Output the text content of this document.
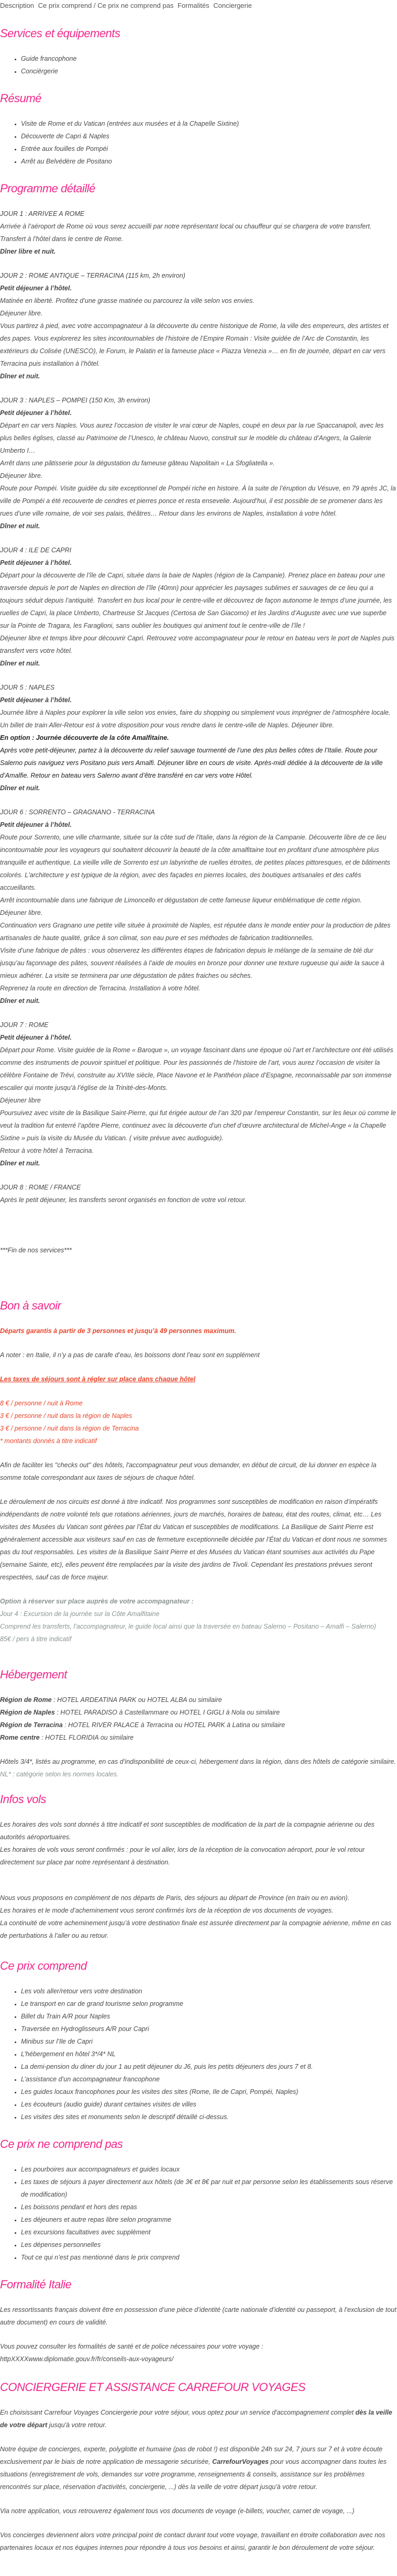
Description Ce prix comprend / Ce prix ne comprend pas Formalités Conciergerie
Services et équipements
• Guide francophone
• Conciërgerie
Résumé
• Visite de Rome et du Vatican (entrées aux musées et à la Chapelle Sixtine)
• Découverte de Capri & Naples
• Entrée aux fouilles de Pompéi
• Arrêt au Belvédère de Positano
Programme détaillé

JOUR 1 : ARRIVEE A ROME

Arrivée à l’aéroport de Rome où vous serez accueilli par notre représentant local ou chauffeur qui se chargera de votre transfert. Transfert à l’hôtel dans le centre de Rome.

Dîner libre et nuit.

JOUR 2 : ROME ANTIQUE – TERRACINA (115 km, 2h environ)

Petit déjeuner à l’hôtel.

Matinée en liberté. Profitez d’une grasse matinée ou parcourez la ville selon vos envies.

Déjeuner libre.

Vous partirez à pied, avec votre accompagnateur à la découverte du centre historique de Rome, la ville des empereurs, des artistes et des papes. Vous explorerez les sites incontournables de l’histoire de l’Empire Romain : Visite guidée de l’Arc de Constantin, les extérieurs du Colisée (UNESCO), le Forum, le Palatin et la fameuse place « Piazza Venezia »… en fin de journée, départ en car vers Terracina puis installation à l’hôtel.

Dîner et nuit.

JOUR 3 : NAPLES – POMPEI (150 Km, 3h environ)

Petit déjeuner à l’hôtel.

Départ en car vers Naples. Vous aurez l’occasion de visiter le vrai cœur de Naples, coupé en deux par la rue Spaccanapoli, avec les plus belles églises, classé au Patrimoine de l’Unesco, le château Nuovo, construit sur le modèle du château d’Angers, la Galerie Umberto I…

Arrêt dans une pâtisserie pour la dégustation du fameuse gâteau Napolitain « La Sfogliatella ».

Déjeuner libre.

Route pour Pompéi. Visite guidée du site exceptionnel de Pompéi riche en histoire. À la suite de l’éruption du Vésuve, en 79 après JC, la ville de Pompéi a été recouverte de cendres et pierres ponce et resta ensevelie. Aujourd’hui, il est possible de se promener dans les rues d’une ville romaine, de voir ses palais, théâtres… Retour dans les environs de Naples, installation à votre hôtel.

Dîner et nuit.

JOUR 4 : ILE DE CAPRI

Petit déjeuner à l’hôtel.

Départ pour la découverte de l’île de Capri, située dans la baie de Naples (région de la Campanie). Prenez place en bateau pour une traversée depuis le port de Naples en direction de l’île (40mn) pour apprécier les paysages sublimes et sauvages de ce lieu qui a toujours séduit depuis l’antiquité. Transfert en bus local pour le centre-ville et découvrez de façon autonome le temps d’une journée, les ruelles de Capri, la place Umberto, Chartreuse St Jacques (Certosa de San Giacomo) et les Jardins d’Auguste avec une vue superbe sur la Pointe de Tragara, les Faraglioni, sans oublier les boutiques qui animent tout le centre-ville de l’île !

Déjeuner libre et temps libre pour découvrir Capri. Retrouvez votre accompagnateur pour le retour en bateau vers le port de Naples puis transfert vers votre hôtel.

Dîner et nuit.

JOUR 5 : NAPLES

Petit déjeuner à l’hôtel.

Journée libre à Naples pour explorer la ville selon vos envies, faire du shopping ou simplement vous imprégner de l’atmosphère locale. Un billet de train Aller-Retour est à votre disposition pour vous rendre dans le centre-ville de Naples. Déjeuner libre.

En option : Journée découverte de la côte Amalfitaine.

Après votre petit-déjeuner, partez à la découverte du relief sauvage tourmenté de l’une des plus belles côtes de l’Italie. Route pour Salerno puis naviguez vers Positano puis vers Amalfi. Déjeuner libre en cours de visite. Après-midi dédiée à la découverte de la ville d’Amalfie. Retour en bateau vers Salerno avant d’être transféré en car vers votre Hôtel.

Dîner et nuit.

JOUR 6 : SORRENTO – GRAGNANO - TERRACINA

Petit déjeuner à l’hôtel.

Route pour Sorrento, une ville charmante, située sur la côte sud de l'Italie, dans la région de la Campanie. Découverte libre de ce lieu incontournable pour les voyageurs qui souhaitent découvrir la beauté de la côte amalfitaine tout en profitant d'une atmosphère plus tranquille et authentique. La vieille ville de Sorrento est un labyrinthe de ruelles étroites, de petites places pittoresques, et de bâtiments colorés. L'architecture y est typique de la région, avec des façades en pierres locales, des boutiques artisanales et des cafés accueillants.

Arrêt incontournable dans une fabrique de Limoncello et dégustation de cette fameuse liqueur emblématique de cette région.

Déjeuner libre.

Continuation vers Gragnano une petite ville située à proximité de Naples, est réputée dans le monde entier pour la production de pâtes artisanales de haute qualité, grâce à son climat, son eau pure et ses méthodes de fabrication traditionnelles.

Visite d’une fabrique de pâtes : vous observerez les différentes étapes de fabrication depuis le mélange de la semaine de blé dur jusqu’au façonnage des pâtes, souvent réalisées à l’aide de moules en bronze pour donner une texture rugueuse qui aide la sauce à mieux adhérer. La visite se terminera par une dégustation de pâtes fraiches ou sèches.

Reprenez la route en direction de Terracina. Installation à votre hôtel.

Dîner et nuit.

JOUR 7 : ROME

Petit déjeuner à l’hôtel.

Départ pour Rome. Visite guidée de la Rome « Baroque », un voyage fascinant dans une époque où l’art et l’architecture ont été utilisés comme des instruments de pouvoir spirituel et politique. Pour les passionnés de l’histoire de l’art, vous aurez l’occasion de visiter la célèbre Fontaine de Trévi, construite au XVIIIe siècle, Place Navone et le Panthéon place d’Espagne, reconnaissable par son immense escalier qui monte jusqu’à l’église de la Trinité-des-Monts.

Déjeuner libre

Poursuivez avec visite de la Basilique Saint-Pierre, qui fut érigée autour de l’an 320 par l’empereur Constantin, sur les lieux où comme le veut la tradition fut enterré l’apôtre Pierre, continuez avec la découverte d’un chef d’œuvre architectural de Michel-Ange « la Chapelle Sixtine » puis la visite du Musée du Vatican. ( visite prévue avec audioguide).

Retour à votre hôtel à Terracina.

Dîner et nuit.

JOUR 8 : ROME / FRANCE

Après le petit déjeuner, les transferts seront organisés en fonction de votre vol retour.

***Fin de nos services***

Bon à savoir

Départs garantis à partir de 3 personnes et jusqu’à 49 personnes maximum.

A noter : en Italie, il n’y a pas de carafe d’eau, les boissons dont l’eau sont en supplément

Les taxes de séjours sont à régler sur place dans chaque hôtel

8 € / personne / nuit à Rome

3 € / personne / nuit dans la région de Naples

3 € / personne / nuit dans la région de Terracina

* montants donnés à titre indicatif

Afin de faciliter les "checks out" des hôtels, l'accompagnateur peut vous demander, en début de circuit, de lui donner en espèce la somme totale correspondant aux taxes de séjours de chaque hôtel.

Le déroulement de nos circuits est donné à titre indicatif. Nos programmes sont susceptibles de modification en raison d’impératifs indépendants de notre volonté tels que rotations aériennes, jours de marchés, horaires de bateau, état des routes, climat, etc… Les visites des Musées du Vatican sont gérées par l’État du Vatican et susceptibles de modifications. La Basilique de Saint Pierre est généralement accessible aux visiteurs sauf en cas de fermeture exceptionnelle décidée par l’État du Vatican et dont nous ne sommes pas du tout responsables. Les visites de la Basilique Saint Pierre et des Musées du Vatican étant soumises aux activités du Pape (semaine Sainte, etc), elles peuvent être remplacées par la visite des jardins de Tivoli. Cependant les prestations prévues seront respectées, sauf cas de force majeur.

Option à réserver sur place auprès de votre accompagnateur :

Jour 4 : Excursion de la journée sur la Côte Amalfitaine

Comprend les transferts, l’accompagnateur, le guide local ainsi que la traversée en bateau Salerno – Positano – Amalfi – Salerno)

85€ / pers à titre indicatif

Hébergement

Région de Rome : HOTEL ARDEATINA PARK ou HOTEL ALBA ou similaire

Région de Naples : HOTEL PARADISO à Castellammare ou HOTEL I GIGLI à Nola ou similaire

Région de Terracina : HOTEL RIVER PALACE à Terracina ou HOTEL PARK à Latina ou similaire

Rome centre : HOTEL FLORIDIA ou similaire

Hôtels 3/4*, listés au programme, en cas d’indisponibilité de ceux-ci, hébergement dans la région, dans des hôtels de catégorie similaire.

NL* : catégorie selon les normes locales.

Infos vols

Les horaires des vols sont donnés à titre indicatif et sont susceptibles de modification de la part de la compagnie aérienne ou des autorités aéroportuaires.

Les horaires de vols vous seront confirmés : pour le vol aller, lors de la réception de la convocation aéroport, pour le vol retour directement sur place par notre représentant à destination.

Nous vous proposons en complément de nos départs de Paris, des séjours au départ de Province (en train ou en avion).

Les horaires et le mode d’acheminement vous seront confirmés lors de la réception de vos documents de voyages.

La continuité de votre acheminement jusqu’à votre destination finale est assurée directement par la compagnie aérienne, même en cas de perturbations à l’aller ou au retour.

Ce prix comprend
• Les vols aller/retour vers votre destination
• Le transport en car de grand tourisme selon programme
• Billet du Train A/R pour Naples
• Traversée en Hydroglisseurs A/R pour Capri
• Minibus sur l’Ile de Capri
• L’hébergement en hôtel 3*/4* NL
• La demi-pension du diner du jour 1 au petit déjeuner du J6, puis les petits déjeuners des jours 7 et 8.
• L’assistance d’un accompagnateur francophone
• Les guides locaux francophones pour les visites des sites (Rome, Ile de Capri, Pompéi, Naples)
• Les écouteurs (audio guide) durant certaines visites de villes
• Les visites des sites et monuments selon le descriptif détaillé ci-dessus.
Ce prix ne comprend pas
• Les pourboires aux accompagnateurs et guides locaux
• Les taxes de séjours à payer directement aux hôtels (de 3€ et 8€ par nuit et par personne selon les établissements sous réserve de modification)
• Les boissons pendant et hors des repas
• Les déjeuners et autre repas libre selon programme
• Les excursions facultatives avec supplément
• Les dépenses personnelles
• Tout ce qui n’est pas mentionné dans le prix comprend
Formalité Italie

Les ressortissants français doivent être en possession d’une pièce d’identité (carte nationale d’identité ou passeport, à l’exclusion de tout autre document) en cours de validité.

Vous pouvez consulter les formalités de santé et de police nécessaires pour votre voyage :

httpXXXXwww.diplomatie.gouv.fr/fr/conseils-aux-voyageurs/

CONCIERGERIE ET ASSISTANCE CARREFOUR VOYAGES

En choisissant Carrefour Voyages Conciergerie pour votre séjour, vous optez pour un service d'accompagnement complet dès la veille de votre départ jusqu'à votre retour.

Notre équipe de concierges, experte, polyglotte et humaine (pas de robot !) est disponible 24h sur 24, 7 jours sur 7 et à votre écoute exclusivement par le biais de notre application de messagerie sécurisée, CarrefourVoyages pour vous accompagner dans toutes les situations (enregistrement de vols, demandes sur votre programme, renseignements & conseils, assistance sur les problèmes rencontrés sur place, réservation d'activités, conciergerie, ...) dès la veille de votre départ jusqu'à votre retour.

Via notre application, vous retrouverez également tous vos documents de voyage (e-billets, voucher, carnet de voyage, ...)

Vos concierges deviennent alors votre principal point de contact durant tout votre voyage, travaillant en étroite collaboration avec nos partenaires locaux et nos équipes internes pour répondre à tous vos besoins et ainsi, garantir le bon déroulement de votre séjour.
